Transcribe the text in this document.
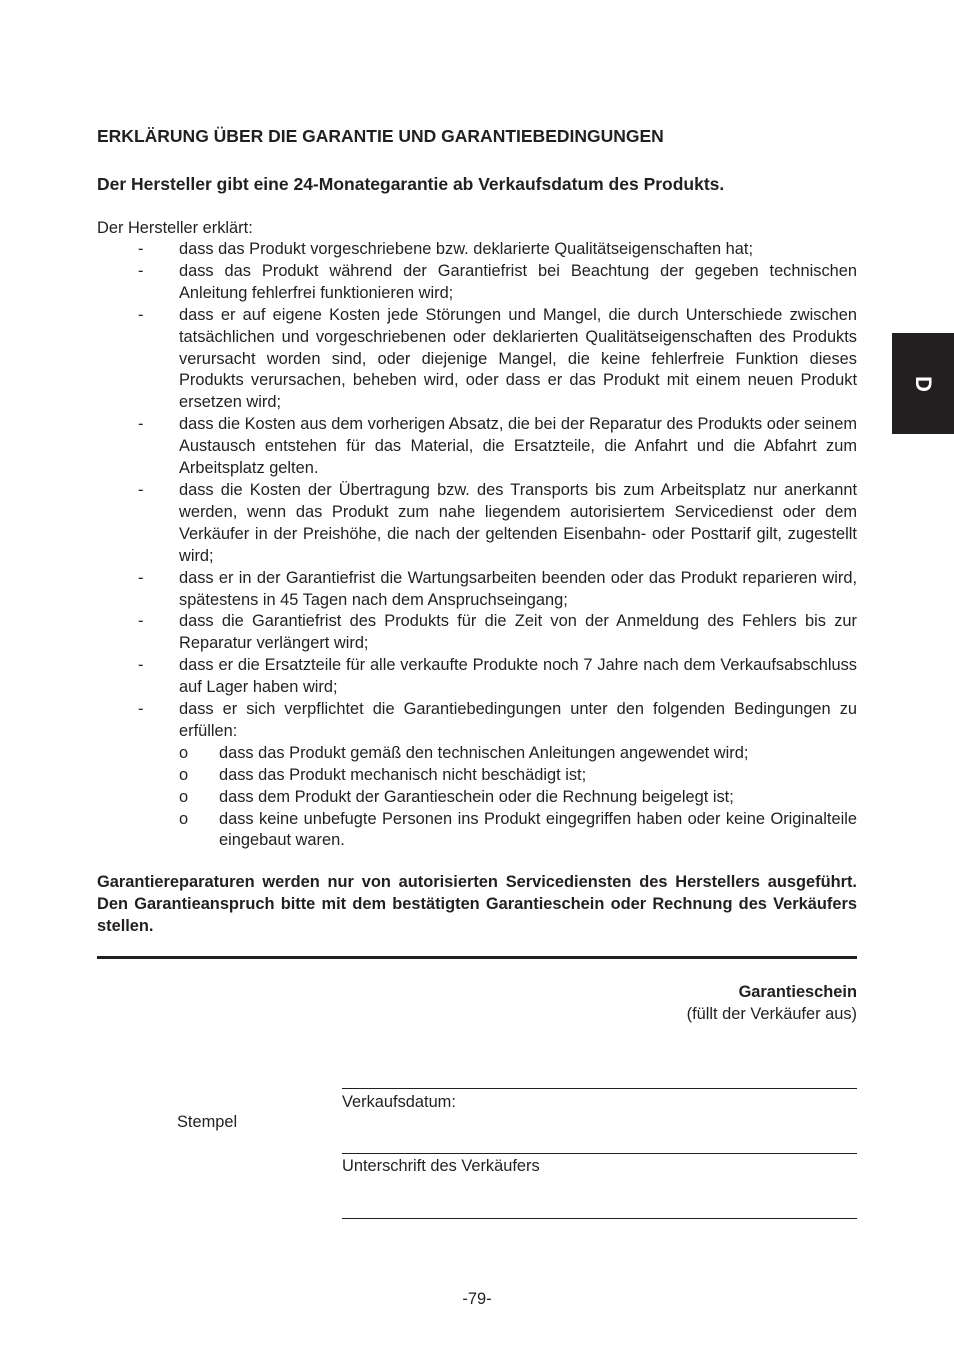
ERKLÄRUNG ÜBER DIE GARANTIE UND GARANTIEBEDINGUNGEN
Der Hersteller gibt eine 24-Monategarantie ab Verkaufsdatum des Produkts.
Der Hersteller erklärt:
- dass das Produkt vorgeschriebene bzw. deklarierte Qualitätseigenschaften hat;
- dass das Produkt während der Garantiefrist bei Beachtung der gegeben technischen Anleitung fehlerfrei funktionieren wird;
- dass er auf eigene Kosten jede Störungen und Mangel, die durch Unterschiede zwischen tatsächlichen und vorgeschriebenen oder deklarierten Qualitätseigenschaften des Produkts verursacht worden sind, oder diejenige Mangel, die keine fehlerfreie Funktion dieses Produkts verursachen, beheben wird, oder dass er das Produkt mit einem neuen Produkt ersetzen wird;
- dass die Kosten aus dem vorherigen Absatz, die bei der Reparatur des Produkts oder seinem Austausch entstehen für das Material, die Ersatzteile, die Anfahrt und die Abfahrt zum Arbeitsplatz gelten.
- dass die Kosten der Übertragung bzw. des Transports bis zum Arbeitsplatz nur anerkannt werden, wenn das Produkt zum nahe liegendem autorisiertem Servicedienst oder dem Verkäufer in der Preishöhe, die nach der geltenden Eisenbahn- oder Posttarif gilt, zugestellt wird;
- dass er in der Garantiefrist die Wartungsarbeiten beenden oder das Produkt reparieren wird, spätestens in 45 Tagen nach dem Anspruchseingang;
- dass die Garantiefrist des Produkts für die Zeit von der Anmeldung des Fehlers bis zur Reparatur verlängert wird;
- dass er die Ersatzteile für alle verkaufte Produkte noch 7 Jahre nach dem Verkaufsabschluss auf Lager haben wird;
- dass er sich verpflichtet die Garantiebedingungen unter den folgenden Bedingungen zu erfüllen:
o dass das Produkt gemäß den technischen Anleitungen angewendet wird;
o dass das Produkt mechanisch nicht beschädigt ist;
o dass dem Produkt der Garantieschein oder die Rechnung beigelegt ist;
o dass keine unbefugte Personen ins Produkt eingegriffen haben oder keine Originalteile eingebaut waren.

Garantiereparaturen werden nur von autorisierten Servicediensten des Herstellers ausgeführt. Den Garantieanspruch bitte mit dem bestätigten Garantieschein oder Rechnung des Verkäufers stellen.

Garantieschein
(füllt der Verkäufer aus)
Verkaufsdatum:
Stempel
Unterschrift des Verkäufers
D
-79-
